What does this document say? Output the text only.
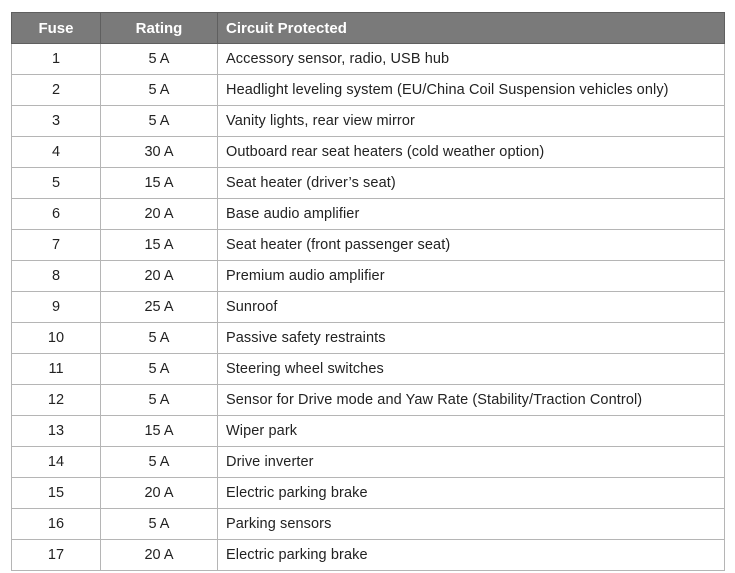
Fuse	Rating	Circuit Protected
1	5 A	Accessory sensor, radio, USB hub
2	5 A	Headlight leveling system (EU/China Coil Suspension vehicles only)
3	5 A	Vanity lights, rear view mirror
4	30 A	Outboard rear seat heaters (cold weather option)
5	15 A	Seat heater (driver’s seat)
6	20 A	Base audio amplifier
7	15 A	Seat heater (front passenger seat)
8	20 A	Premium audio amplifier
9	25 A	Sunroof
10	5 A	Passive safety restraints
11	5 A	Steering wheel switches
12	5 A	Sensor for Drive mode and Yaw Rate (Stability/Traction Control)
13	15 A	Wiper park
14	5 A	Drive inverter
15	20 A	Electric parking brake
16	5 A	Parking sensors
17	20 A	Electric parking brake
